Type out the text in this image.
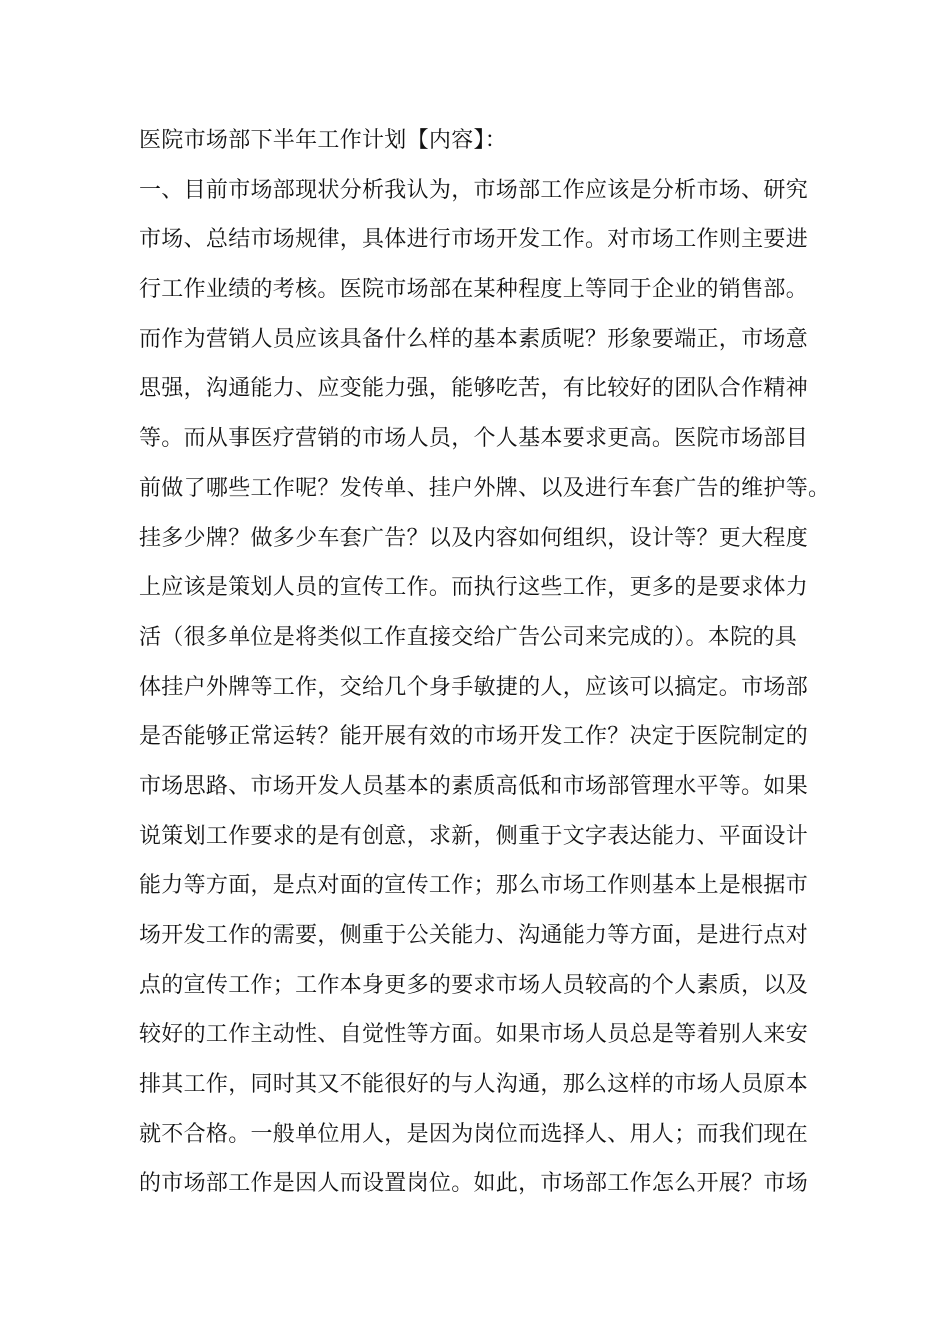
医院市场部下半年工作计划【内容】：
一、目前市场部现状分析我认为，市场部工作应该是分析市场、研究
市场、总结市场规律，具体进行市场开发工作。对市场工作则主要进
行工作业绩的考核。医院市场部在某种程度上等同于企业的销售部。
而作为营销人员应该具备什么样的基本素质呢？形象要端正，市场意
思强，沟通能力、应变能力强，能够吃苦，有比较好的团队合作精神
等。而从事医疗营销的市场人员，个人基本要求更高。医院市场部目
前做了哪些工作呢？发传单、挂户外牌、以及进行车套广告的维护等。
挂多少牌？做多少车套广告？以及内容如何组织，设计等？更大程度
上应该是策划人员的宣传工作。而执行这些工作，更多的是要求体力
活（很多单位是将类似工作直接交给广告公司来完成的）。本院的具
体挂户外牌等工作，交给几个身手敏捷的人，应该可以搞定。市场部
是否能够正常运转？能开展有效的市场开发工作？决定于医院制定的
市场思路、市场开发人员基本的素质高低和市场部管理水平等。如果
说策划工作要求的是有创意，求新，侧重于文字表达能力、平面设计
能力等方面，是点对面的宣传工作；那么市场工作则基本上是根据市
场开发工作的需要，侧重于公关能力、沟通能力等方面，是进行点对
点的宣传工作；工作本身更多的要求市场人员较高的个人素质，以及
较好的工作主动性、自觉性等方面。如果市场人员总是等着别人来安
排其工作，同时其又不能很好的与人沟通，那么这样的市场人员原本
就不合格。一般单位用人，是因为岗位而选择人、用人；而我们现在
的市场部工作是因人而设置岗位。如此，市场部工作怎么开展？市场
